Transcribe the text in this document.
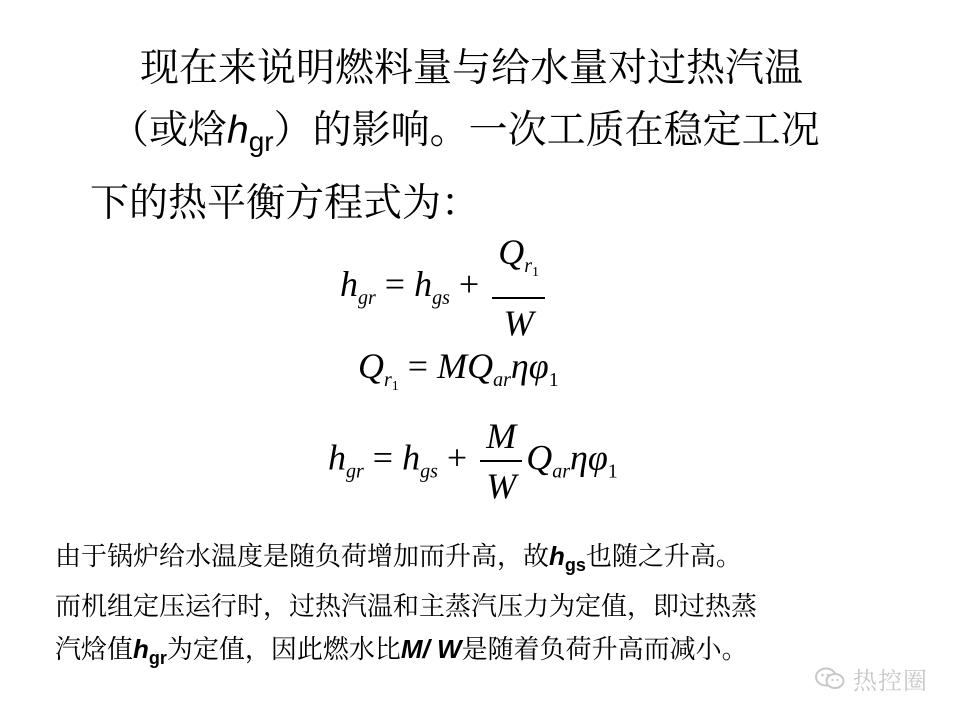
现在来说明燃料量与给水量对过热汽温
（或焓$h_{gr}$）的影响。一次工质在稳定工况
下的热平衡方程式为：
$h_{gr} = h_{gs} + \frac{Q_{r_1}}{W}$
$Q_{r_1} = MQ_{ar}\eta\varphi_1$
$h_{gr} = h_{gs} + \frac{M}{W} Q_{ar}\eta\varphi_1$
由于锅炉给水温度是随负荷增加而升高，故$h_{gs}$也随之升高。
而机组定压运行时，过热汽温和主蒸汽压力为定值，即过热蒸
汽焓值$h_{gr}$为定值，因此燃水比M/ W是随着负荷升高而减小。
热控圈
